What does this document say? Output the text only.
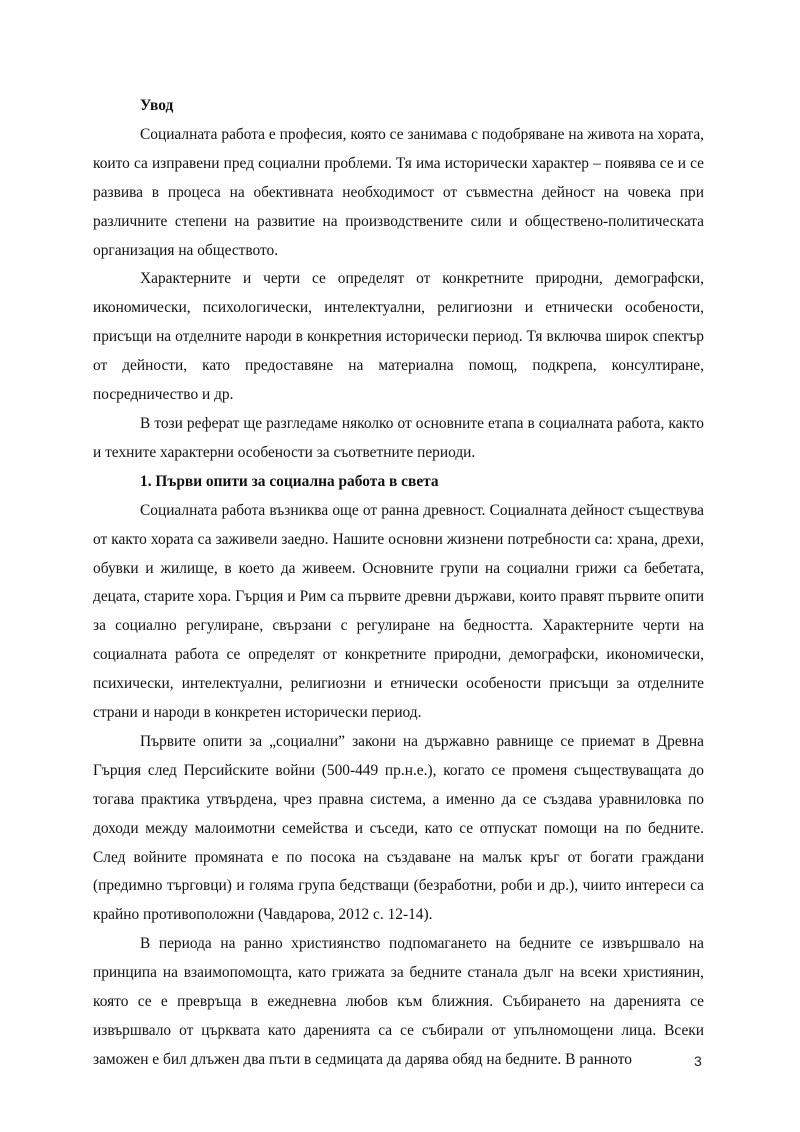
Увод

Социалната работа е професия, която се занимава с подобряване на живота на хората, които са изправени пред социални проблеми. Тя има исторически характер – появява се и се развива в процеса на обективната необходимост от съвместна дейност на човека при различните степени на развитие на производствените сили и обществено-политическата организация на обществото.

Характерните и черти се определят от конкретните природни, демографски, икономически, психологически, интелектуални, религиозни и етнически особености, присъщи на отделните народи в конкретния исторически период. Тя включва широк спектър от дейности, като предоставяне на материална помощ, подкрепа, консултиране, посредничество и др.

В този реферат ще разгледаме няколко от основните етапа в социалната работа, както и техните характерни особености за съответните периоди.

1. Първи опити за социална работа в света

Социалната работа възниква още от ранна древност. Социалната дейност съществува от както хората са заживели заедно. Нашите основни жизнени потребности са: храна, дрехи, обувки и жилище, в което да живеем. Основните групи на социални грижи са бебетата, децата, старите хора. Гърция и Рим са първите древни държави, които правят първите опити за социално регулиране, свързани с регулиране на бедността. Характерните черти на социалната работа се определят от конкретните природни, демографски, икономически, психически, интелектуални, религиозни и етнически особености присъщи за отделните страни и народи в конкретен исторически период.

Първите опити за „социални” закони на държавно равнище се приемат в Древна Гърция след Персийските войни (500-449 пр.н.е.), когато се променя съществуващата до тогава практика утвърдена, чрез правна система, а именно да се създава уравниловка по доходи между малоимотни семейства и съседи, като се отпускат помощи на по бедните. След войните промяната е по посока на създаване на малък кръг от богати граждани (предимно търговци) и голяма група бедстващи (безработни, роби и др.), чиито интереси са крайно противоположни (Чавдарова, 2012 с. 12-14).

В периода на ранно християнство подпомагането на бедните се извършвало на принципа на взаимопомощта, като грижата за бедните станала дълг на всеки християнин, която се е превръща в ежедневна любов към ближния. Събирането на даренията се извършвало от църквата като даренията са се събирали от упълномощени лица. Всеки заможен е бил длъжен два пъти в седмицата да дарява обяд на бедните. В ранното	3
